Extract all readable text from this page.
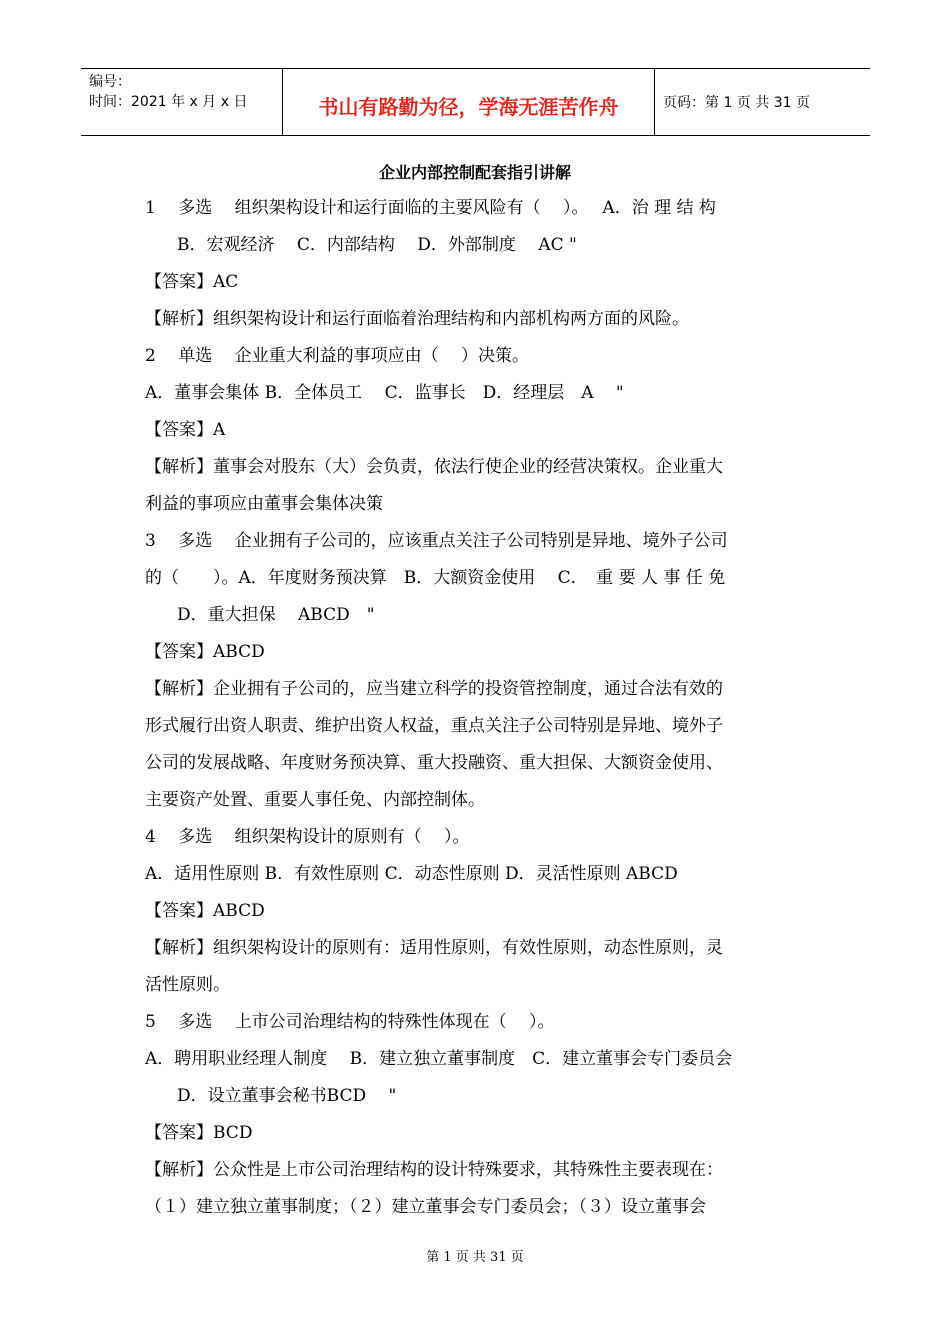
编号：
时间：2021 年 x 月 x 日	书山有路勤为径，学海无涯苦作舟	页码：第 1 页 共 31 页
企业内部控制配套指引讲解
1　 多选　 组织架构设计和运行面临的主要风险有（　 ）。　 A．治 理 结 构
B．宏观经济　 C．内部结构　 D．外部制度　 AC "
【答案】AC
【解析】组织架构设计和运行面临着治理结构和内部机构两方面的风险。
2　 单选　 企业重大利益的事项应由（　 ）决策。
A．董事会集体 B．全体员工　 C．监事长　D．经理层　A　 "
【答案】A
【解析】董事会对股东（大）会负责，依法行使企业的经营决策权。企业重大
利益的事项应由董事会集体决策
3　 多选　 企业拥有子公司的，应该重点关注子公司特别是异地、境外子公司
的（　　）。A．年度财务预决算　B．大额资金使用　 C．　重 要 人 事 任 免
D．重大担保　 ABCD　"
【答案】ABCD
【解析】企业拥有子公司的，应当建立科学的投资管控制度，通过合法有效的
形式履行出资人职责、维护出资人权益，重点关注子公司特别是异地、境外子
公司的发展战略、年度财务预决算、重大投融资、重大担保、大额资金使用、
主要资产处置、重要人事任免、内部控制体。
4　 多选　 组织架构设计的原则有（　 ）。
A．适用性原则 B．有效性原则 C．动态性原则 D．灵活性原则 ABCD
【答案】ABCD
【解析】组织架构设计的原则有：适用性原则，有效性原则，动态性原则，灵
活性原则。
5　 多选　 上市公司治理结构的特殊性体现在（　 ）。
A．聘用职业经理人制度　 B．建立独立董事制度　C．建立董事会专门委员会
D．设立董事会秘书BCD　 "
【答案】BCD
【解析】公众性是上市公司治理结构的设计特殊要求，其特殊性主要表现在：
（１）建立独立董事制度；（２）建立董事会专门委员会；（３）设立董事会
第 1 页 共 31 页
